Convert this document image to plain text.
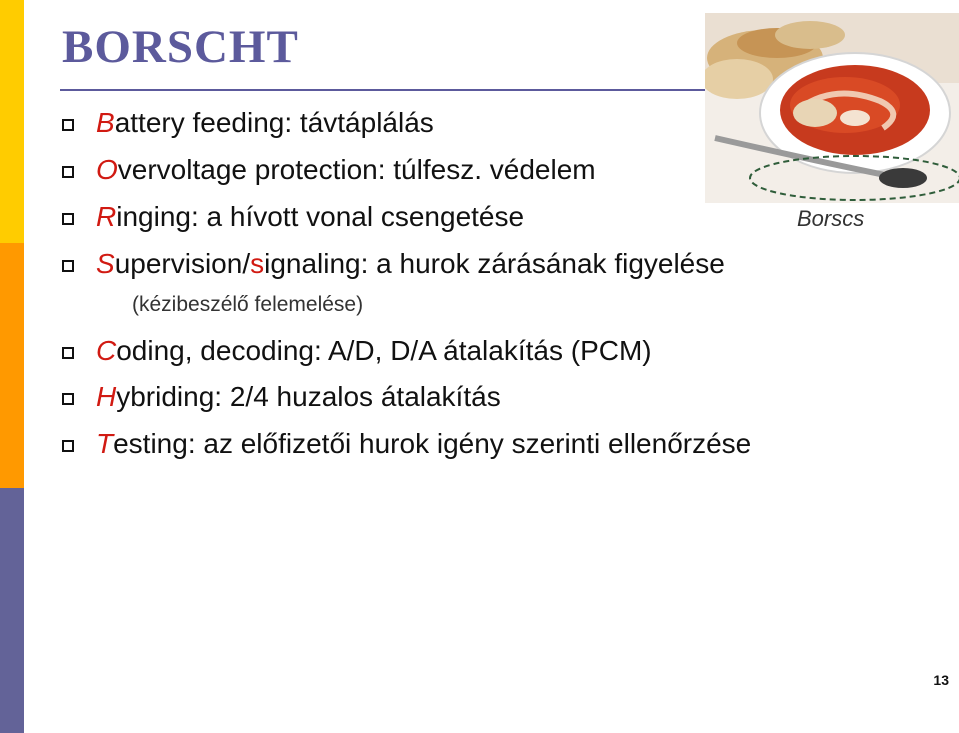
BORSCHT
Borscs
Battery feeding: távtáplálás
Overvoltage protection: túlfesz. védelem
Ringing: a hívott vonal csengetése
Supervision/signaling: a hurok zárásának figyelése
(kézibeszélő felemelése)
Coding, decoding: A/D, D/A átalakítás (PCM)
Hybriding: 2/4 huzalos átalakítás
Testing: az előfizetői hurok igény szerinti ellenőrzése
13
